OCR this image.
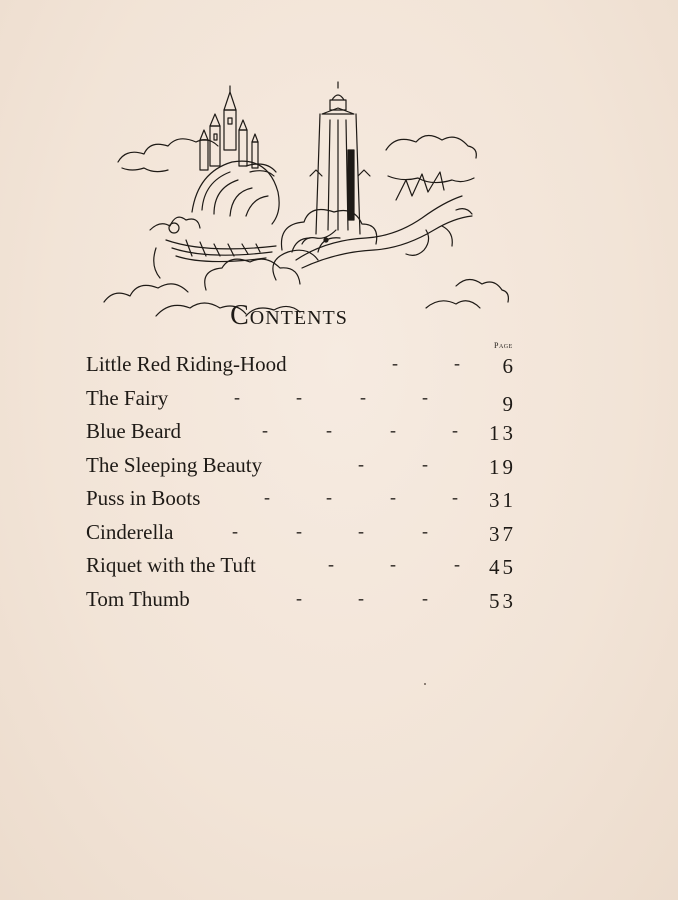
Contents
Page
Little Red Riding-Hood	-	- 6
The Fairy	-	-	-	-	9
Blue Beard	-	-	-	- 13
The Sleeping Beauty	-	-	19
Puss in Boots	-	-	-	- 31
Cinderella	-	-	-	-	37
Riquet with the Tuft	-	-	- 45
Tom Thumb	-	-	-	53
